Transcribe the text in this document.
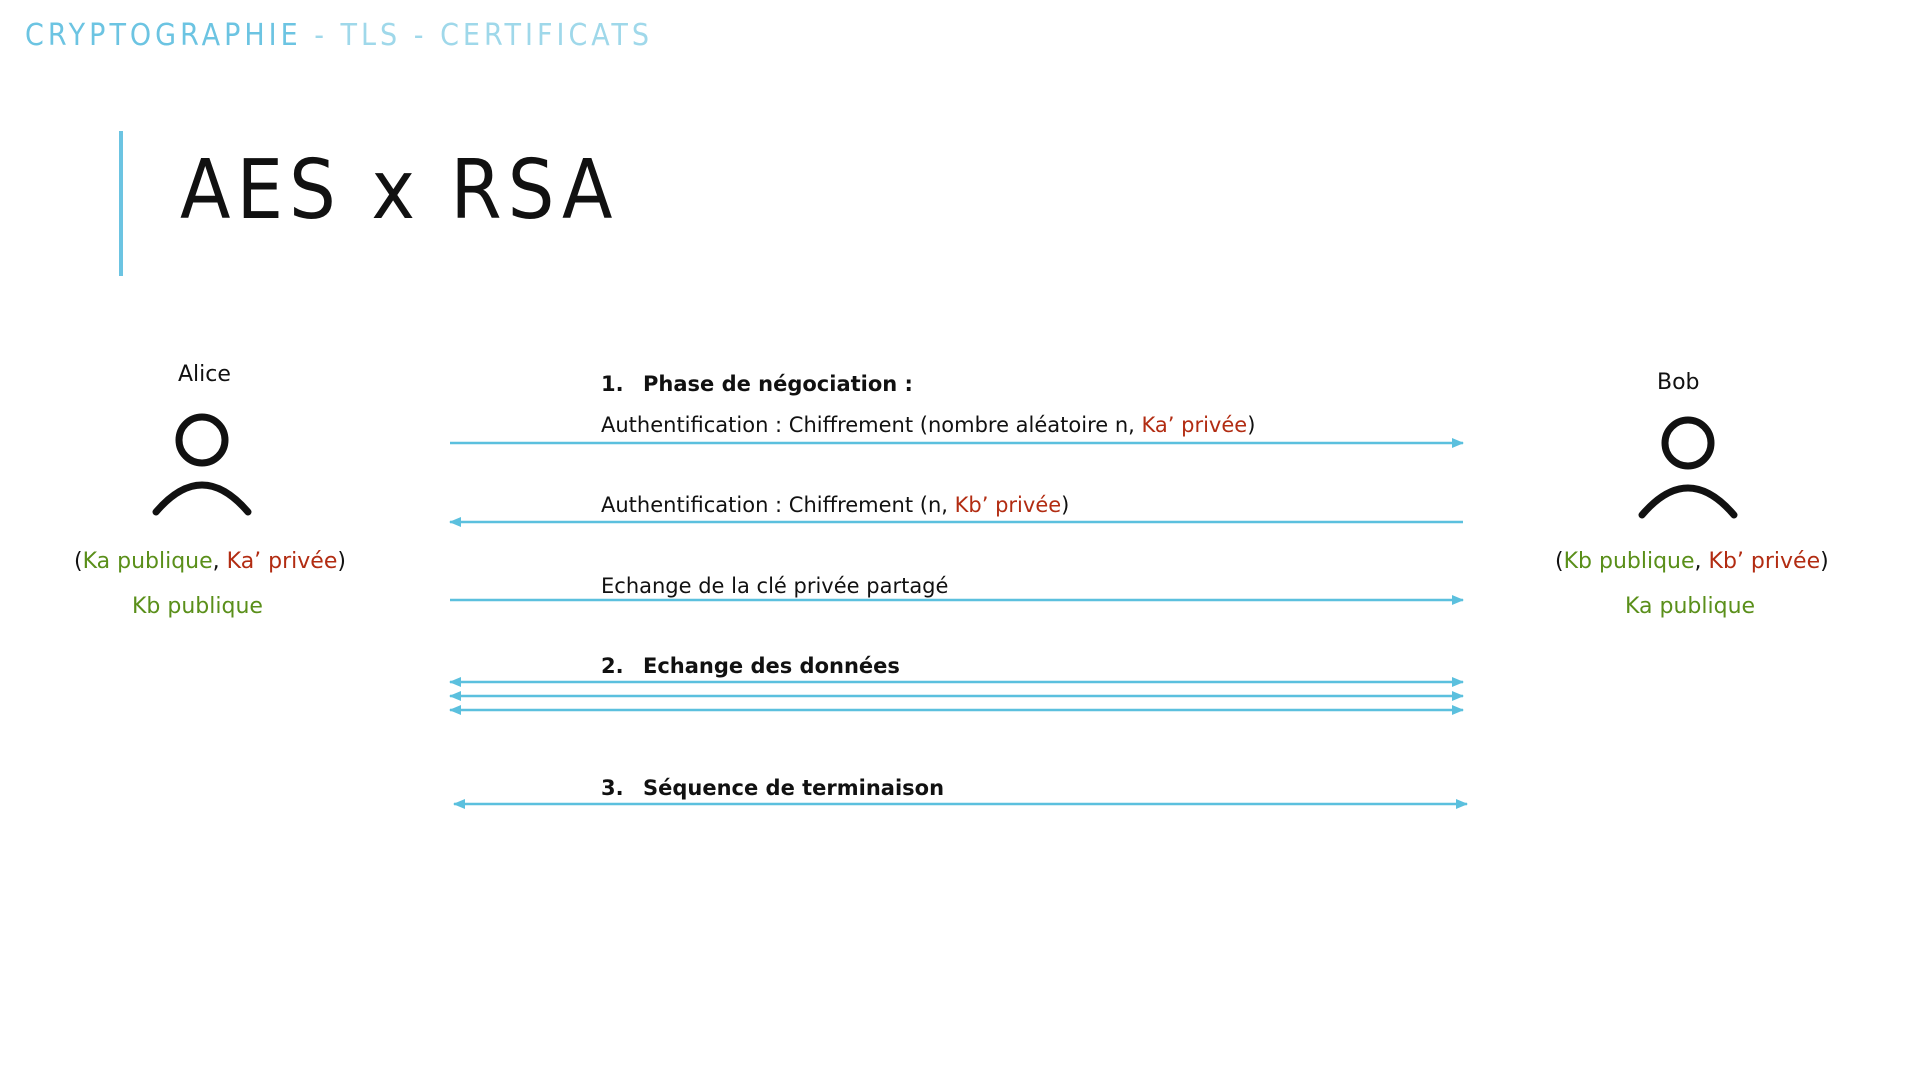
CRYPTOGRAPHIE - TLS - CERTIFICATS
AES x RSA
Alice
(Ka publique, Ka’ privée)
Kb publique
Bob
(Kb publique, Kb’ privée)
Ka publique
1. Phase de négociation :
Authentification : Chiffrement (nombre aléatoire n, Ka’ privée)
Authentification : Chiffrement (n, Kb’ privée)
Echange de la clé privée partagé
2. Echange des données
3. Séquence de terminaison
